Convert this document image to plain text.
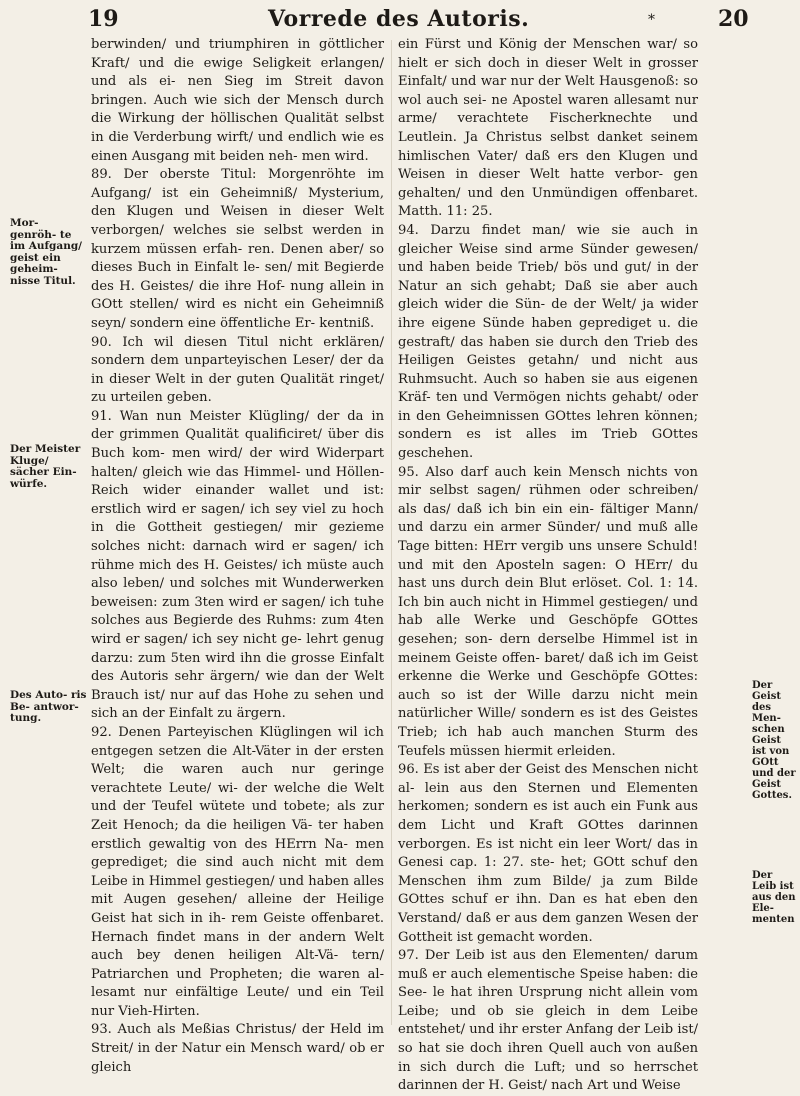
19	Vorrede des Autoris.	*	20

berwinden/ und triumphiren in göttlicher Kraft/ und die ewige Seligkeit erlangen/ und als ei- nen Sieg im Streit davon bringen. Auch wie sich der Mensch durch die Wirkung der höllischen Qualität selbst in die Verderbung wirft/ und endlich wie es einen Ausgang mit beiden neh- men wird.

89. Der oberste Titul: Morgenröhte im Aufgang/ ist ein Geheimniß/ Mysterium, den Klugen und Weisen in dieser Welt verborgen/ welches sie selbst werden in kurzem müssen erfah- ren. Denen aber/ so dieses Buch in Einfalt le- sen/ mit Begierde des H. Geistes/ die ihre Hof- nung allein in GOtt stellen/ wird es nicht ein Geheimniß seyn/ sondern eine öffentliche Er- kentniß.

90. Ich wil diesen Titul nicht erklären/ sondern dem unparteyischen Leser/ der da in dieser Welt in der guten Qualität ringet/ zu urteilen geben.

91. Wan nun Meister Klügling/ der da in der grimmen Qualität qualificiret/ über dis Buch kom- men wird/ der wird Widerpart halten/ gleich wie das Himmel- und Höllen-Reich wider einander wallet und ist: erstlich wird er sagen/ ich sey viel zu hoch in die Gottheit gestiegen/ mir gezieme solches nicht: darnach wird er sagen/ ich rühme mich des H. Geistes/ ich müste auch also leben/ und solches mit Wunderwerken beweisen: zum 3ten wird er sagen/ ich tuhe solches aus Begierde des Ruhms: zum 4ten wird er sagen/ ich sey nicht ge- lehrt genug darzu: zum 5ten wird ihn die grosse Einfalt des Autoris sehr ärgern/ wie dan der Welt Brauch ist/ nur auf das Hohe zu sehen und sich an der Einfalt zu ärgern.

92. Denen Parteyischen Klüglingen wil ich entgegen setzen die Alt-Väter in der ersten Welt; die waren auch nur geringe verachtete Leute/ wi- der welche die Welt und der Teufel wütete und tobete; als zur Zeit Henoch; da die heiligen Vä- ter haben erstlich gewaltig von des HErrn Na- men geprediget; die sind auch nicht mit dem Leibe in Himmel gestiegen/ und haben alles mit Augen gesehen/ alleine der Heilige Geist hat sich in ih- rem Geiste offenbaret. Hernach findet mans in der andern Welt auch bey denen heiligen Alt-Vä- tern/ Patriarchen und Propheten; die waren al- lesamt nur einfältige Leute/ und ein Teil nur Vieh-Hirten.

93. Auch als Meßias Christus/ der Held im Streit/ in der Natur ein Mensch ward/ ob er gleich

ein Fürst und König der Menschen war/ so hielt er sich doch in dieser Welt in grosser Einfalt/ und war nur der Welt Hausgenoß: so wol auch sei- ne Apostel waren allesamt nur arme/ verachtete Fischerknechte und Leutlein. Ja Christus selbst danket seinem himlischen Vater/ daß ers den Klugen und Weisen in dieser Welt hatte verbor- gen gehalten/ und den Unmündigen offenbaret. Matth. 11: 25.

94. Darzu findet man/ wie sie auch in gleicher Weise sind arme Sünder gewesen/ und haben beide Trieb/ bös und gut/ in der Natur an sich gehabt; Daß sie aber auch gleich wider die Sün- de der Welt/ ja wider ihre eigene Sünde haben geprediget u. die gestraft/ das haben sie durch den Trieb des Heiligen Geistes getahn/ und nicht aus Ruhmsucht. Auch so haben sie aus eigenen Kräf- ten und Vermögen nichts gehabt/ oder in den Geheimnissen GOttes lehren können; sondern es ist alles im Trieb GOttes geschehen.

95. Also darf auch kein Mensch nichts von mir selbst sagen/ rühmen oder schreiben/ als das/ daß ich bin ein ein- fältiger Mann/ und darzu ein armer Sünder/ und muß alle Tage bitten: HErr vergib uns unsere Schuld! und mit den Aposteln sagen: O HErr/ du hast uns durch dein Blut erlöset. Col. 1: 14. Ich bin auch nicht in Himmel gestiegen/ und hab alle Werke und Geschöpfe GOttes gesehen; son- dern derselbe Himmel ist in meinem Geiste offen- baret/ daß ich im Geist erkenne die Werke und Geschöpfe GOttes: auch so ist der Wille darzu nicht mein natürlicher Wille/ sondern es ist des Geistes Trieb; ich hab auch manchen Sturm des Teufels müssen hiermit erleiden.

96. Es ist aber der Geist des Menschen nicht al- lein aus den Sternen und Elementen herkomen; sondern es ist auch ein Funk aus dem Licht und Kraft GOttes darinnen verborgen. Es ist nicht ein leer Wort/ das in Genesi cap. 1: 27. ste- het; GOtt schuf den Menschen ihm zum Bilde/ ja zum Bilde GOttes schuf er ihn. Dan es hat eben den Verstand/ daß er aus dem ganzen Wesen der Gottheit ist gemacht worden.

97. Der Leib ist aus den Elementen/ darum muß er auch elementische Speise haben: die See- le hat ihren Ursprung nicht allein vom Leibe; und ob sie gleich in dem Leibe entstehet/ und ihr erster Anfang der Leib ist/ so hat sie doch ihren Quell auch von außen in sich durch die Luft; und so herrschet darinnen der H. Geist/ nach Art und Weise

Mor- genröh- te im Aufgang/ geist ein geheim- nisse Titul.
Der Meister Kluge/ sächer Ein- würfe.
Des Auto- ris Be- antwor- tung.
Der Geist des Men- schen Geist ist von GOtt und der Geist Gottes.
Der Leib ist aus den Ele- menten
